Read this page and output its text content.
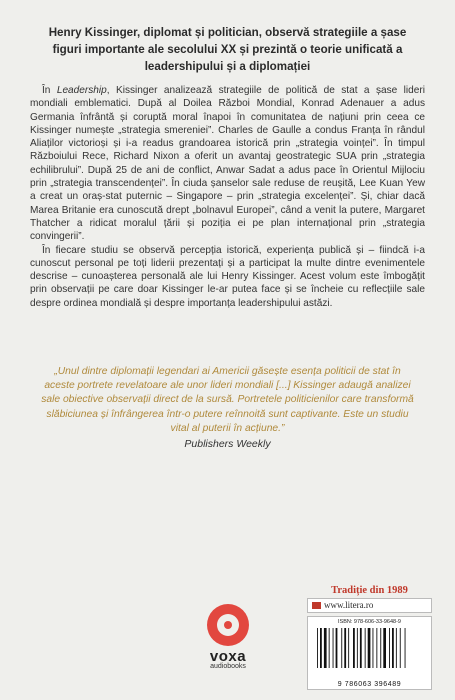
Henry Kissinger, diplomat și politician, observă strategiile a șase figuri importante ale secolului XX și prezintă o teorie unificată a leadershipului și a diplomației

În Leadership, Kissinger analizează strategiile de politică de stat a șase lideri mondiali emblematici. După al Doilea Război Mondial, Konrad Adenauer a adus Germania înfrântă și coruptă moral înapoi în comunitatea de națiuni prin ceea ce Kissinger numește „strategia smereniei”. Charles de Gaulle a condus Franța în rândul Aliaților victorioși și i-a readus grandoarea istorică prin „strategia voinței”. În timpul Războiului Rece, Richard Nixon a oferit un avantaj geostrategic SUA prin „strategia echilibrului”. După 25 de ani de conflict, Anwar Sadat a adus pace în Orientul Mijlociu prin „strategia transcendenței”. În ciuda șanselor sale reduse de reușită, Lee Kuan Yew a creat un oraș-stat puternic – Singapore – prin „strategia excelenței”. Și, chiar dacă Marea Britanie era cunoscută drept „bolnavul Europei”, când a venit la putere, Margaret Thatcher a ridicat moralul țării și poziția ei pe plan internațional prin „strategia convingerii”.

În fiecare studiu se observă percepția istorică, experiența publică și – fiindcă i-a cunoscut personal pe toți liderii prezentați și a participat la multe dintre evenimentele descrise – cunoașterea personală ale lui Henry Kissinger. Acest volum este îmbogățit prin observații pe care doar Kissinger le-ar putea face și se încheie cu reflecțiile sale despre ordinea mondială și despre importanța leadershipului astăzi.

„Unul dintre diplomații legendari ai Americii găsește esența politicii de stat în aceste portrete revelatoare ale unor lideri mondiali [...] Kissinger adaugă analizei sale obiective observații direct de la sursă. Portretele politicienilor care transformă slăbiciunea și înfrângerea într-o putere reînnoită sunt captivante. Este un studiu vital al puterii în acțiune.”
Publishers Weekly
voxa
audiobooks
Tradiție din 1989
www.litera.ro
ISBN: 978-606-33-9648-9
9 786063 396489
